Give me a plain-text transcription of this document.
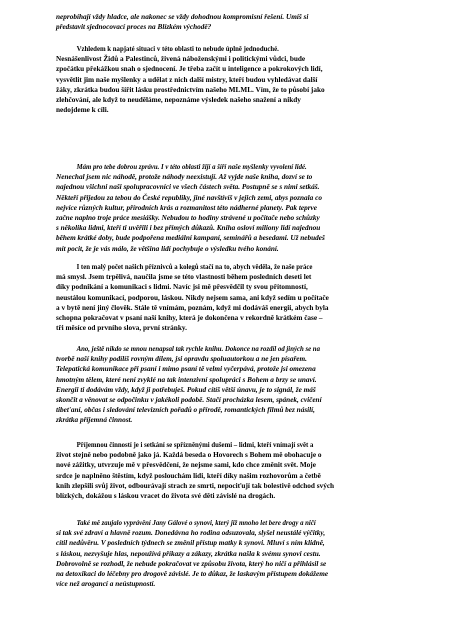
neprobíhají vždy hladce, ale nakonec se vždy dohodnou kompromisní řešení. Umíš si
představit sjednocovací proces na Blízkém východě?

Vzhledem k napjaté situaci v této oblasti to nebude úplně jednoduché.
Nesnášenlivost Židů a Palestinců, živená náboženskými i politickými vůdci, bude
zpočátku překážkou snah o sjednocení. Je třeba začít u inteligence a pokrokových lidí,
vysvětlit jim naše myšlenky a udělat z nich další mistry, kteří budou vyhledávat další
žáky, zkrátka budou šířit lásku prostřednictvím našeho MLML. Vím, že to působí jako
zlehčování, ale když to neuděláme, nepoznáme výsledek našeho snažení a nikdy
nedojdeme k cíli.

Mám pro tebe dobrou zprávu. I v této oblasti žijí a šíří naše myšlenky vyvolení lidé.
Nenechal jsem nic náhodě, protože náhody neexistují. Až vyjde naše kniha, dozví se to
najednou všichni naši spolupracovníci ve všech částech světa. Postupně se s nimi setkáš.
Někteří přijedou za tebou do České republiky, jiné navštívíš v jejich zemi, abys poznala co
nejvíce různých kultur, přírodních krás a rozmanitost této nádherné planety. Pak teprve
začne naplno troje práce mesiášky. Nebudou to hodiny strávené u počítače nebo schůzky
s několika lidmi, kteří ti uvěřili i bez přímých důkazů. Kniha osloví miliony lidí najednou
během krátké doby, bude podpořena mediální kampaní, seminářů a besedami. Už nebudeš
mít pocit, že je vás málo, že většina lidí pochybuje o výsledku tvého konání.

I ten malý počet našich příznivců a kolegů stačí na to, abych věděla, že naše práce
má smysl. Jsem trpělivá, naučila jsme se této vlastnosti během posledních deseti let
díky podnikání a komunikaci s lidmi. Navíc jsi mě přesvědčil ty svou přítomností,
neustálou komunikací, podporou, láskou. Nikdy nejsem sama, ani když sedím u počítače
a v bytě není jiný člověk. Stále tě vnímám, poznám, když mi dodáváš energii, abych byla
schopna pokračovat v psaní naší knihy, která je dokončena v rekordně krátkém čase –
tři měsíce od prvního slova, první stránky.

Ano, ještě nikdo se mnou nenapsal tak rychle knihu. Dokonce na rozdíl od jiných se na
tvorbě naší knihy podílíš rovným dílem, jsi opravdu spoluautorkou a ne jen písařem.
Telepatická komunikace při psaní i mimo psaní tě velmi vyčerpává, protože jsi omezena
hmotným tělem, které není zvyklé na tak intenzivní spolupráci s Bohem a brzy se unaví.
Energii ti dodávám vždy, když ji potřebuješ. Pokud cítíš větší únavu, je to signál, že máš
skončit a věnovat se odpočinku v jakékoli podobě. Stačí procházka lesem, spánek, cvičení
tibet'aní, občas i sledování televizních pořadů o přírodě, romantických filmů bez násilí,
zkrátka příjemná činnost.

Příjemnou činností je i setkání se spřízněnými dušemi – lidmi, kteří vnímají svět a
život stejně nebo podobně jako já. Každá beseda o Hovorech s Bohem mě obohacuje o
nové zážitky, utvrzuje mě v přesvědčení, že nejsme sami, kdo chce změnit svět. Moje
srdce je naplněno štěstím, když poslouchám lidi, kteří díky našim rozhovorům a četbě
knih zlepšili svůj život, odbourávají strach ze smrti, nepociťují tak bolestivě odchod svých
blízkých, dokážou s láskou vracet do života své děti závislé na drogách.

Také mě zaujalo vyprávění Jany Gálové o synovi, který již mnoho let bere drogy a ničí
si tak své zdraví a hlavně rozum. Donedávna ho rodina odsuzovala, slyšel neustálé výčitky,
cítil nedůvěru. V posledních týdnech se změnil přístup matky k synovi. Mluví s ním klidně,
s láskou, nezvyšuje hlas, nepoužívá příkazy a zákazy, zkrátka našla k svému synovi cestu.
Dobrovolně se rozhodl, že nebude pokračovat ve způsobu života, který ho ničí a přihlásil se
na detoxikaci do léčebny pro drogově závislé. Je to důkaz, že laskavým přístupem dokážeme
více než arogancí a neústupností.
